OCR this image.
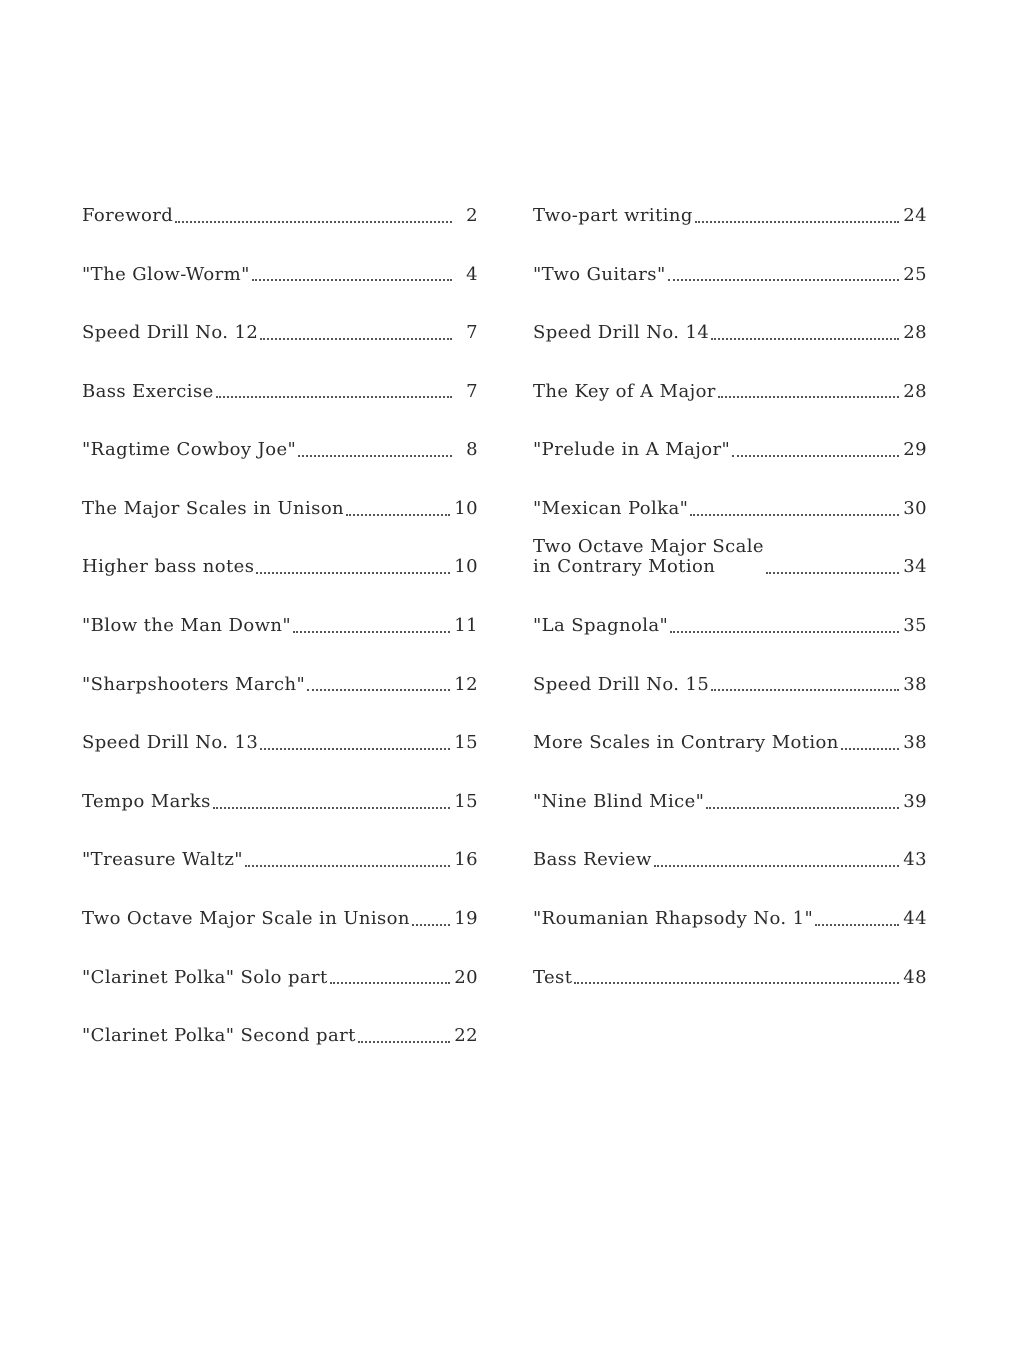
Foreword	2
"The Glow-Worm"	4
Speed Drill No. 12	7
Bass Exercise	7
"Ragtime Cowboy Joe"	8
The Major Scales in Unison	10
Higher bass notes	10
"Blow the Man Down"	11
"Sharpshooters March"	12
Speed Drill No. 13	15
Tempo Marks	15
"Treasure Waltz"	16
Two Octave Major Scale in Unison 19
"Clarinet Polka" Solo part	20
"Clarinet Polka" Second part	22
Two-part writing	24
"Two Guitars"	25
Speed Drill No. 14	28
The Key of A Major	28
"Prelude in A Major"	29
"Mexican Polka"	30
Two Octave Major Scale
in Contrary Motion	34
"La Spagnola"	35
Speed Drill No. 15	38
More Scales in Contrary Motion	38
"Nine Blind Mice"	39
Bass Review	43
"Roumanian Rhapsody No. 1"	44
Test	48
